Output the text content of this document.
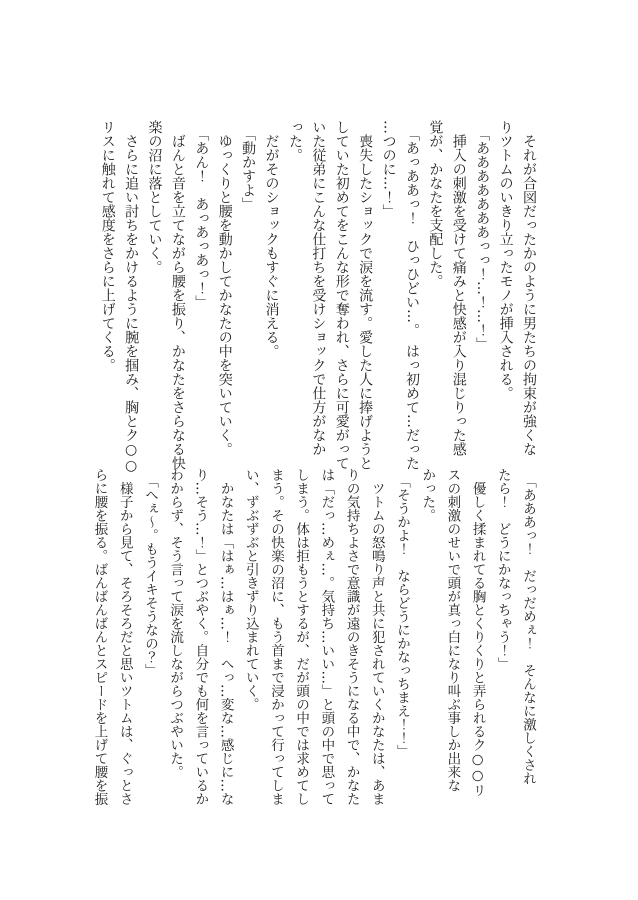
　それが合図だったかのように男たちの拘束が強くな
りツトムのいきり立ったモノが挿入される。
　「あああああああっっ！…！…！」
　挿入の刺激を受けて痛みと快感が入り混じりった感
覚が、かなたを支配した。
　「あっああっ！　ひっひどい…。　はっ初めて…だった
…つのに…！」
　喪失したショックで涙を流す。愛した人に捧げようと
していた初めてをこんな形で奪われ、さらに可愛がって
いた従弟にこんな仕打ちを受けショックで仕方がなか
った。
　だがそのショックもすぐに消える。
　「動かすよ」
　ゆっくりと腰を動かしてかなたの中を突いていく。
　「あん！　あっあっあっ！」
　ばんと音を立てながら腰を振り、かなたをさらなる快
楽の沼に落としていく。
　さらに追い討ちをかけるように腕を掴み、胸とク○○
リスに触れて感度をさらに上げてくる。
　「あああっ！　だっだめぇ！　そんなに激しくされ
たら！　どうにかなっちゃう！」
　優しく揉まれてる胸とくりくりと弄られるク○○リ
スの刺激のせいで頭が真っ白になり叫ぶ事しか出来な
かった。
　「そうかよ！　ならどうにかなっちまえ！！」
　ツトムの怒鳴り声と共に犯されていくかなたは、あま
りの気持ちよさで意識が遠のきそうになる中で、かなた
は「だっ…めぇ…。気持ち…いい…」と頭の中で思って
しまう。体は拒もうとするが、だが頭の中では求めてし
まう。その快楽の沼に、もう首まで浸かって行ってしま
い、ずぶずぶと引きずり込まれていく。
　かなたは「はぁ…はぁ…！　へっ…変な…感じに…な
り…そう…！」とつぶやく。自分でも何を言っているか
わからず、そう言って涙を流しながらつぶやいた。
　「へぇ～。もうイキそうなの？」
　様子から見て、そろそろだと思いツトムは、ぐっとさ
らに腰を振る。ばんばんばんとスピードを上げて腰を振
